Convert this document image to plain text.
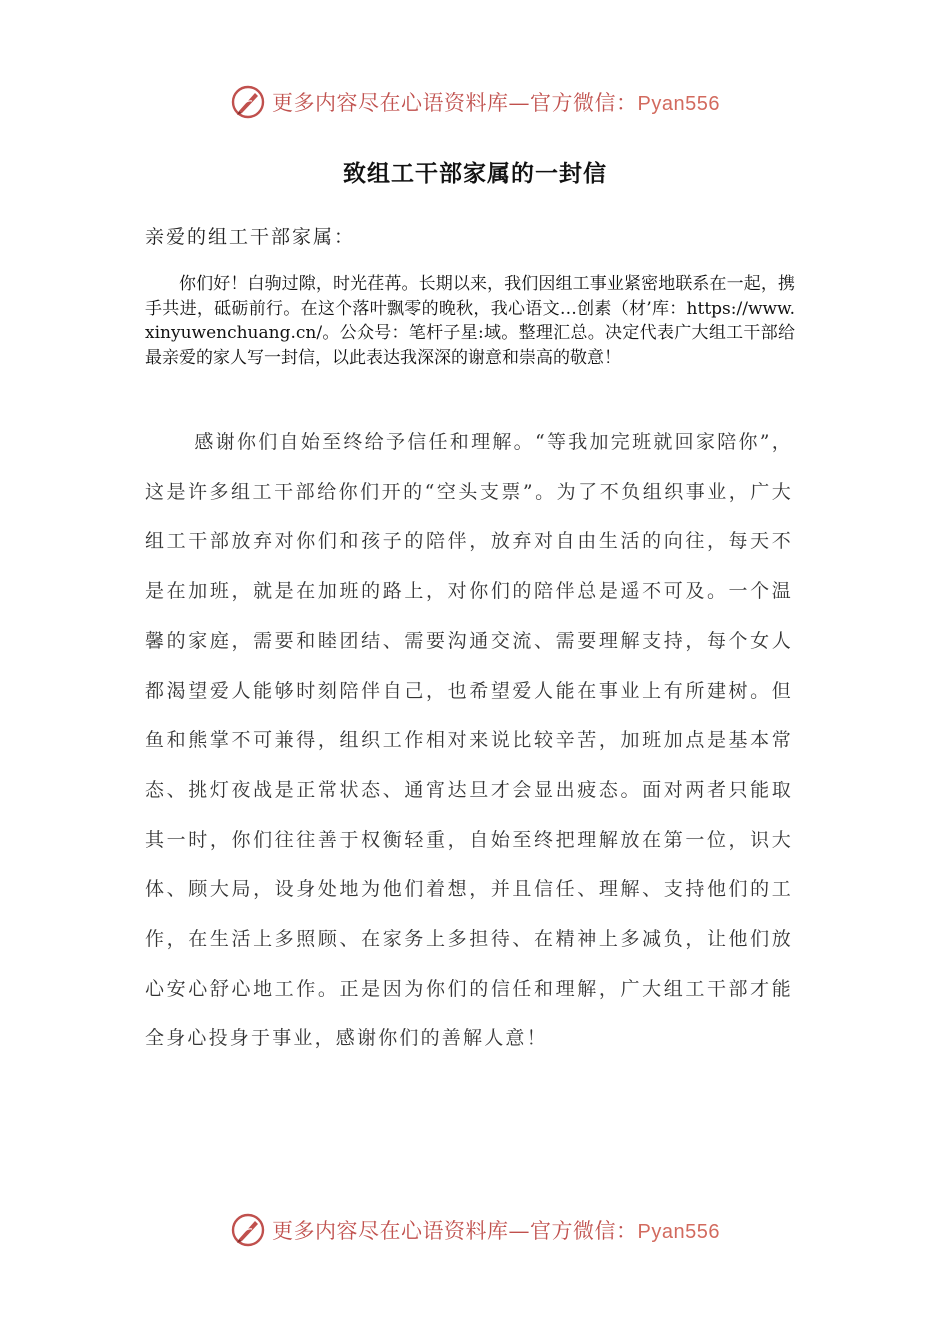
更多内容尽在心语资料库—官方微信：Pyan556
致组工干部家属的一封信
亲爱的组工干部家属：
你们好！白驹过隙，时光荏苒。长期以来，我们因组工事业紧密地联系在一起，携手共进，砥砺前行。在这个落叶飘零的晚秋，我心语文…创素（材’库：https://www.xinyuwenchuang.cn/。公众号：笔杆子星:域。整理汇总。决定代表广大组工干部给最亲爱的家人写一封信，以此表达我深深的谢意和崇高的敬意！
感谢你们自始至终给予信任和理解。“等我加完班就回家陪你”，这是许多组工干部给你们开的“空头支票”。为了不负组织事业，广大组工干部放弃对你们和孩子的陪伴，放弃对自由生活的向往，每天不是在加班，就是在加班的路上，对你们的陪伴总是遥不可及。一个温馨的家庭，需要和睦团结、需要沟通交流、需要理解支持，每个女人都渴望爱人能够时刻陪伴自己，也希望爱人能在事业上有所建树。但鱼和熊掌不可兼得，组织工作相对来说比较辛苦，加班加点是基本常态、挑灯夜战是正常状态、通宵达旦才会显出疲态。面对两者只能取其一时，你们往往善于权衡轻重，自始至终把理解放在第一位，识大体、顾大局，设身处地为他们着想，并且信任、理解、支持他们的工作，在生活上多照顾、在家务上多担待、在精神上多减负，让他们放心安心舒心地工作。正是因为你们的信任和理解，广大组工干部才能全身心投身于事业，感谢你们的善解人意！
更多内容尽在心语资料库—官方微信：Pyan556
